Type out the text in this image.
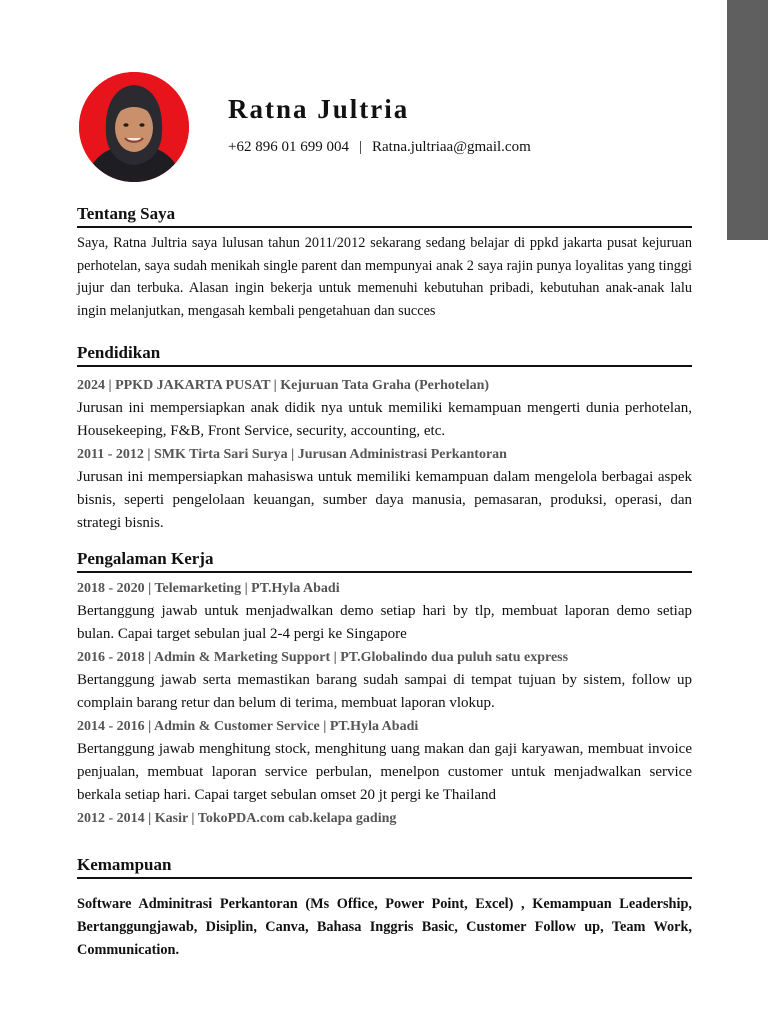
Ratna Jultria
+62 896 01 699 004 | Ratna.jultriaa@gmail.com
Tentang Saya
Saya, Ratna Jultria saya lulusan tahun 2011/2012 sekarang sedang belajar di ppkd jakarta pusat kejuruan perhotelan, saya sudah menikah single parent dan mempunyai anak 2 saya rajin punya loyalitas yang tinggi jujur dan terbuka. Alasan ingin bekerja untuk memenuhi kebutuhan pribadi, kebutuhan anak-anak lalu ingin melanjutkan, mengasah kembali pengetahuan dan succes
Pendidikan
2024 | PPKD JAKARTA PUSAT | Kejuruan Tata Graha (Perhotelan)
Jurusan ini mempersiapkan anak didik nya untuk memiliki kemampuan mengerti dunia perhotelan, Housekeeping, F&B, Front Service, security, accounting, etc.
2011 - 2012 | SMK Tirta Sari Surya | Jurusan Administrasi Perkantoran
Jurusan ini mempersiapkan mahasiswa untuk memiliki kemampuan dalam mengelola berbagai aspek bisnis, seperti pengelolaan keuangan, sumber daya manusia, pemasaran, produksi, operasi, dan strategi bisnis.
Pengalaman Kerja
2018 - 2020 | Telemarketing | PT.Hyla Abadi
Bertanggung jawab untuk menjadwalkan demo setiap hari by tlp, membuat laporan demo setiap bulan. Capai target sebulan jual 2-4 pergi ke Singapore
2016 - 2018 | Admin & Marketing Support | PT.Globalindo dua puluh satu express
Bertanggung jawab serta memastikan barang sudah sampai di tempat tujuan by sistem, follow up complain barang retur dan belum di terima, membuat laporan vlokup.
2014 - 2016 | Admin & Customer Service | PT.Hyla Abadi
Bertanggung jawab menghitung stock, menghitung uang makan dan gaji karyawan, membuat invoice penjualan, membuat laporan service perbulan, menelpon customer untuk menjadwalkan service berkala setiap hari. Capai target sebulan omset 20 jt pergi ke Thailand
2012 - 2014 | Kasir | TokoPDA.com cab.kelapa gading
Kemampuan
Software Adminitrasi Perkantoran (Ms Office, Power Point, Excel) , Kemampuan Leadership, Bertanggungjawab, Disiplin, Canva, Bahasa Inggris Basic, Customer Follow up, Team Work, Communication.
